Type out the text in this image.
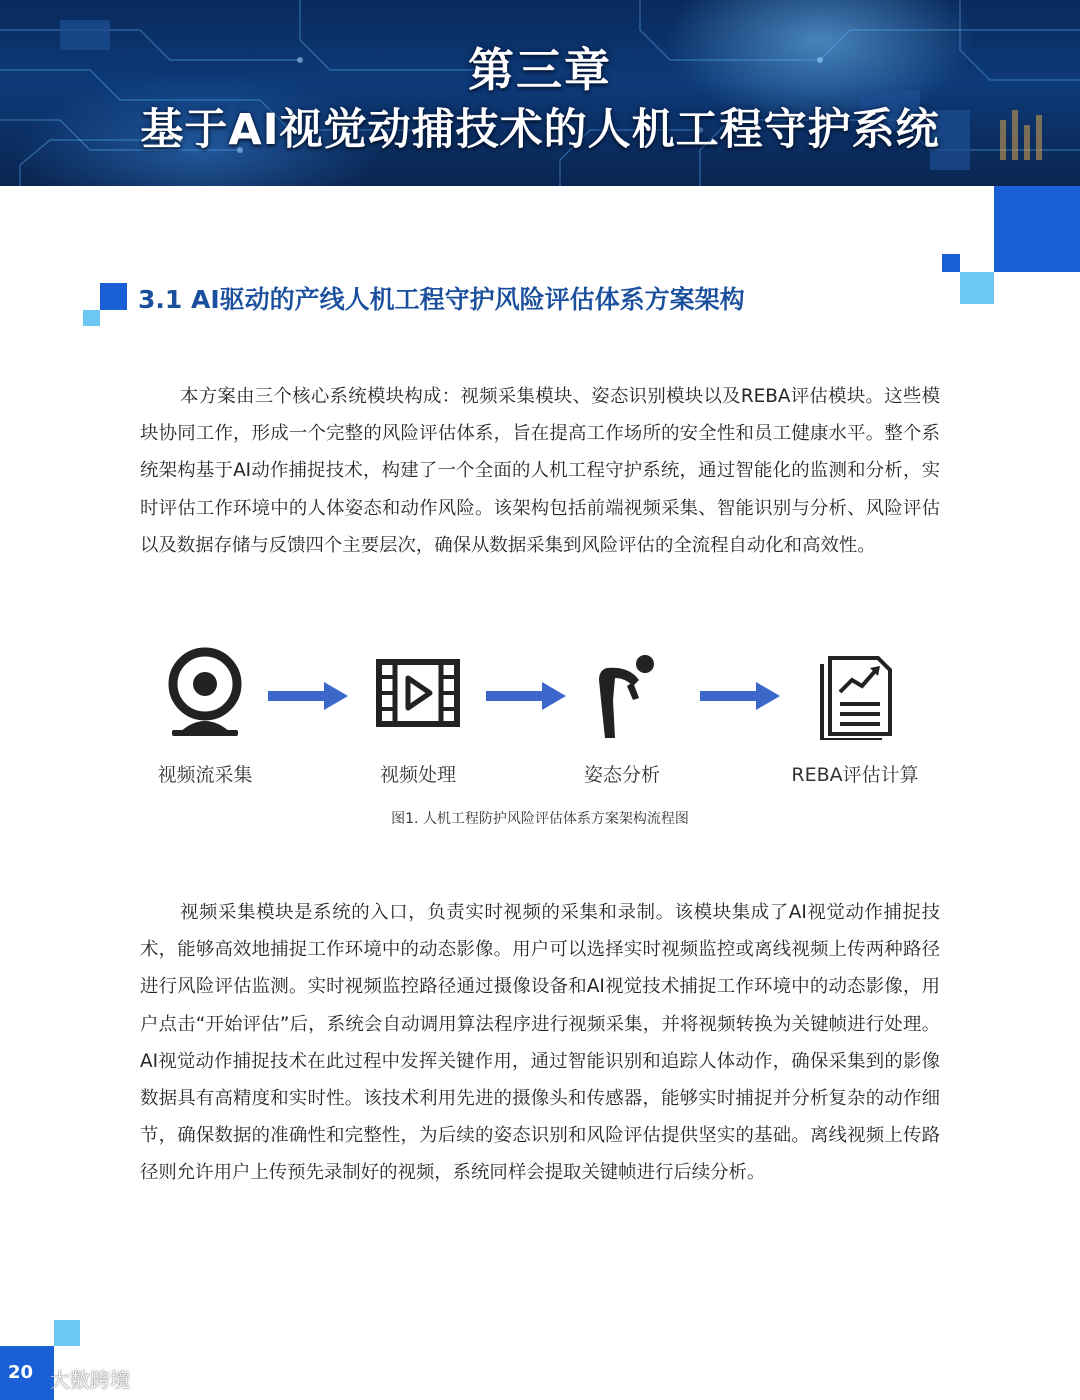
第三章
基于AI视觉动捕技术的人机工程守护系统
3.1 AI驱动的产线人机工程守护风险评估体系方案架构

本方案由三个核心系统模块构成：视频采集模块、姿态识别模块以及REBA评估模块。这些模块协同工作，形成一个完整的风险评估体系，旨在提高工作场所的安全性和员工健康水平。整个系统架构基于AI动作捕捉技术，构建了一个全面的人机工程守护系统，通过智能化的监测和分析，实时评估工作环境中的人体姿态和动作风险。该架构包括前端视频采集、智能识别与分析、风险评估以及数据存储与反馈四个主要层次，确保从数据采集到风险评估的全流程自动化和高效性。

视频流采集	视频处理	姿态分析	REBA评估计算
图1. 人机工程防护风险评估体系方案架构流程图

视频采集模块是系统的入口，负责实时视频的采集和录制。该模块集成了AI视觉动作捕捉技术，能够高效地捕捉工作环境中的动态影像。用户可以选择实时视频监控或离线视频上传两种路径进行风险评估监测。实时视频监控路径通过摄像设备和AI视觉技术捕捉工作环境中的动态影像，用户点击“开始评估”后，系统会自动调用算法程序进行视频采集，并将视频转换为关键帧进行处理。AI视觉动作捕捉技术在此过程中发挥关键作用，通过智能识别和追踪人体动作，确保采集到的影像数据具有高精度和实时性。该技术利用先进的摄像头和传感器，能够实时捕捉并分析复杂的动作细节，确保数据的准确性和完整性，为后续的姿态识别和风险评估提供坚实的基础。离线视频上传路径则允许用户上传预先录制好的视频，系统同样会提取关键帧进行后续分析。

20 大数跨境
